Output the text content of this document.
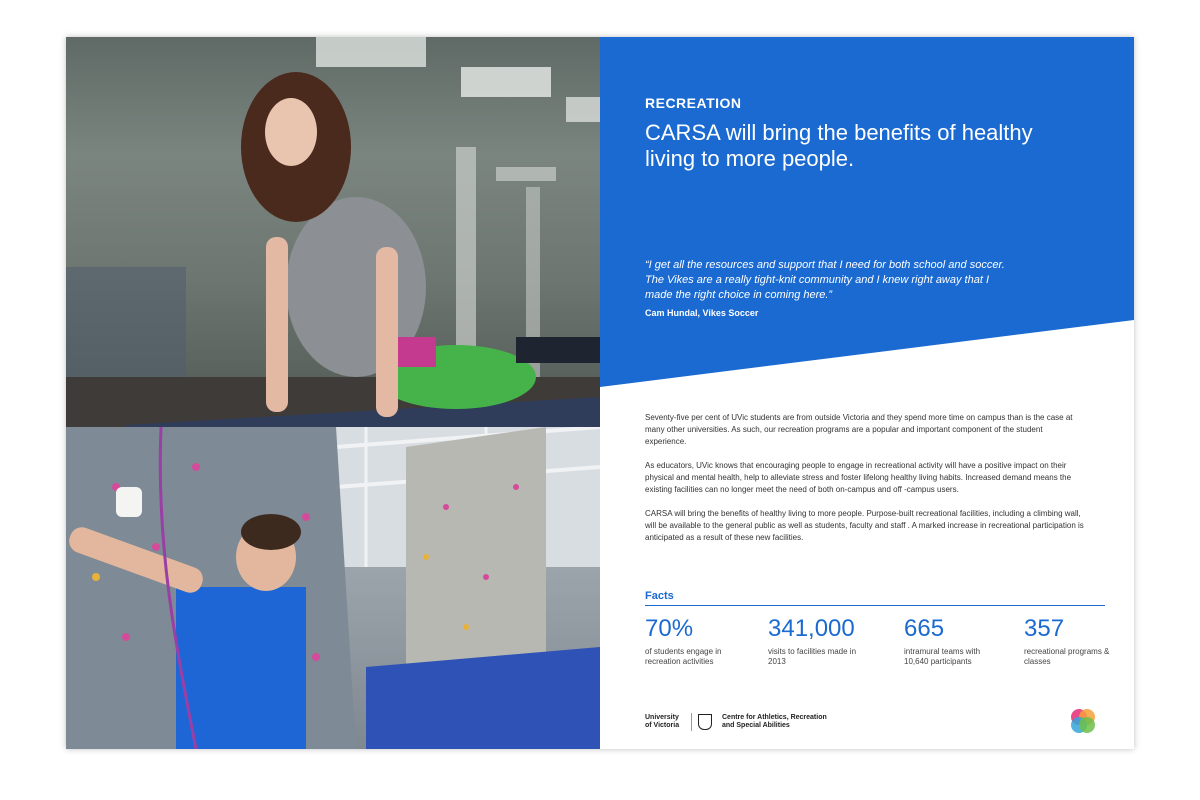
RECREATION
CARSA will bring the benefits of healthy living to more people.
“I get all the resources and support that I need for both school and soccer. The Vikes are a really tight-knit community and I knew right away that I made the right choice in coming here.”
Cam Hundal, Vikes Soccer

Seventy-five per cent of UVic students are from outside Victoria and they spend more time on campus than is the case at many other universities. As such, our recreation programs are a popular and important component of the student experience.

As educators, UVic knows that encouraging people to engage in recreational activity will have a positive impact on their physical and mental health, help to alleviate stress and foster lifelong healthy living habits. Increased demand means the existing facilities can no longer meet the need of both on-campus and off -campus users.

CARSA will bring the benefits of healthy living to more people. Purpose-built recreational facilities, including a climbing wall, will be available to the general public as well as students, faculty and staff . A marked increase in recreational participation is anticipated as a result of these new facilities.

Facts
70%
of students engage in recreation activities
341,000
visits to facilities made in 2013
665
intramural teams with 10,640 participants
357
recreational programs & classes
University of Victoria
Centre for Athletics, Recreation and Special Abilities
